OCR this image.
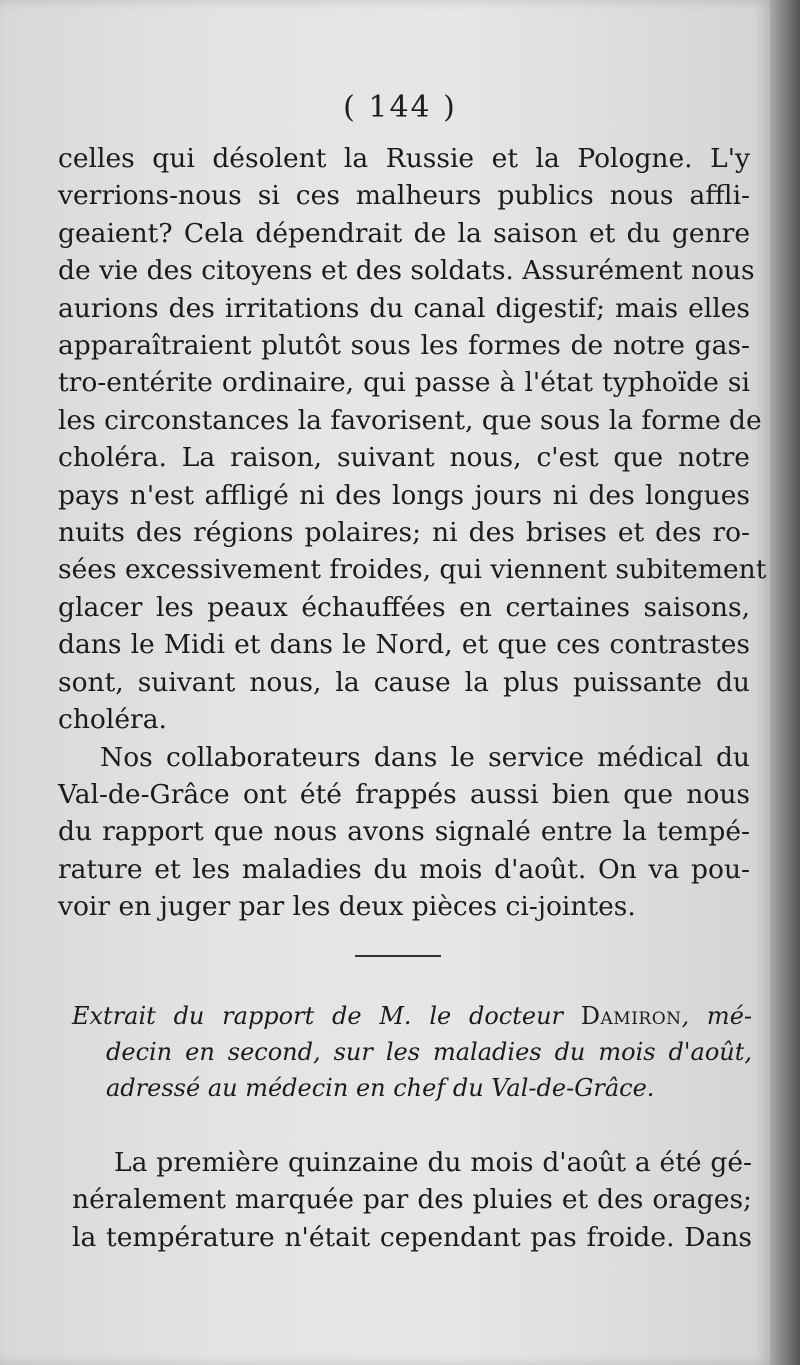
( 144 )
celles qui désolent la Russie et la Pologne. L'y
verrions-nous si ces malheurs publics nous affli-
geaient? Cela dépendrait de la saison et du genre
de vie des citoyens et des soldats. Assurément nous
aurions des irritations du canal digestif; mais elles
apparaîtraient plutôt sous les formes de notre gas-
tro-entérite ordinaire, qui passe à l'état typhoïde si
les circonstances la favorisent, que sous la forme de
choléra. La raison, suivant nous, c'est que notre
pays n'est affligé ni des longs jours ni des longues
nuits des régions polaires; ni des brises et des ro-
sées excessivement froides, qui viennent subitement
glacer les peaux échauffées en certaines saisons,
dans le Midi et dans le Nord, et que ces contrastes
sont, suivant nous, la cause la plus puissante du
choléra.
Nos collaborateurs dans le service médical du
Val-de-Grâce ont été frappés aussi bien que nous
du rapport que nous avons signalé entre la tempé-
rature et les maladies du mois d'août. On va pou-
voir en juger par les deux pièces ci-jointes.
Extrait du rapport de M. le docteur Damiron, mé-
decin en second, sur les maladies du mois d'août,
adressé au médecin en chef du Val-de-Grâce.
La première quinzaine du mois d'août a été gé-
néralement marquée par des pluies et des orages;
la température n'était cependant pas froide. Dans
